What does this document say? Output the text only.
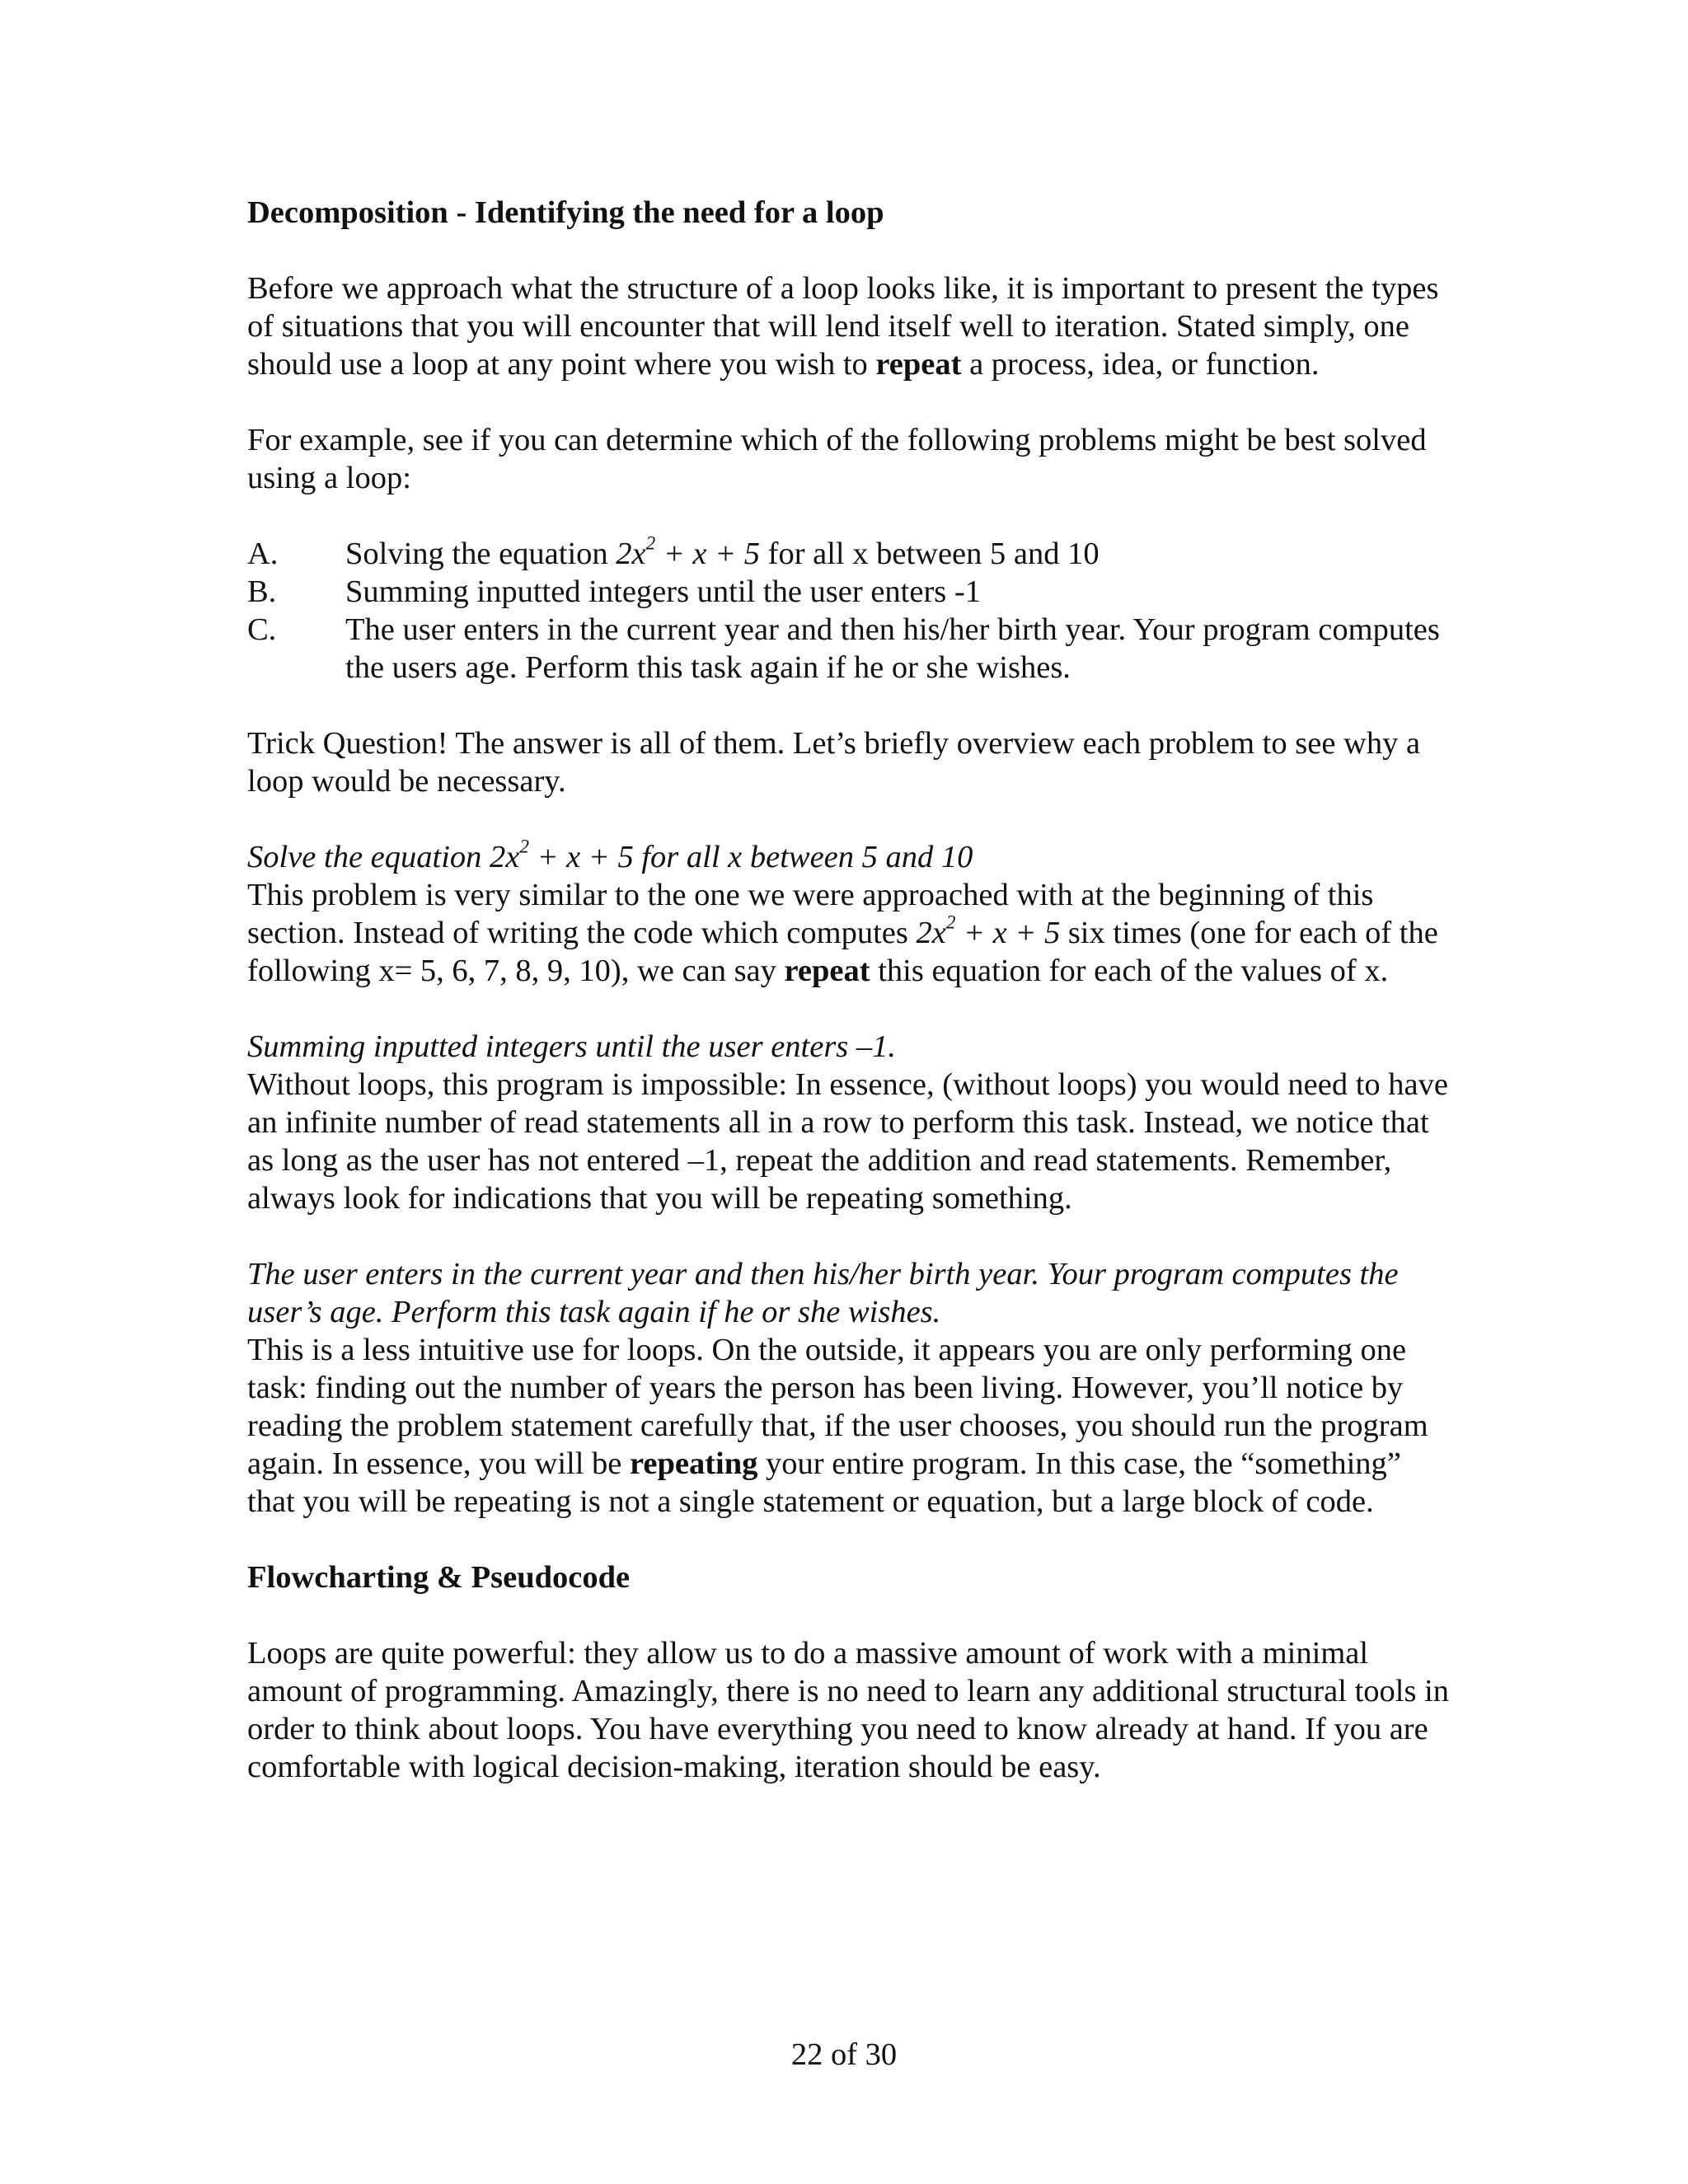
Decomposition - Identifying the need for a loop

Before we approach what the structure of a loop looks like, it is important to present the types of situations that you will encounter that will lend itself well to iteration. Stated simply, one should use a loop at any point where you wish to repeat a process, idea, or function.

For example, see if you can determine which of the following problems might be best solved using a loop:

A. Solving the equation $2x^2 + x + 5$ for all x between 5 and 10
B. Summing inputted integers until the user enters -1
C. The user enters in the current year and then his/her birth year. Your program computes the users age. Perform this task again if he or she wishes.

Trick Question! The answer is all of them. Let’s briefly overview each problem to see why a loop would be necessary.

Solve the equation $2x^2 + x + 5$ for all x between 5 and 10

This problem is very similar to the one we were approached with at the beginning of this section. Instead of writing the code which computes $2x^2 + x + 5$ six times (one for each of the following x= 5, 6, 7, 8, 9, 10), we can say repeat this equation for each of the values of x.

Summing inputted integers until the user enters –1.

Without loops, this program is impossible: In essence, (without loops) you would need to have an infinite number of read statements all in a row to perform this task. Instead, we notice that as long as the user has not entered –1, repeat the addition and read statements. Remember, always look for indications that you will be repeating something.

The user enters in the current year and then his/her birth year. Your program computes the user’s age. Perform this task again if he or she wishes.

This is a less intuitive use for loops. On the outside, it appears you are only performing one task: finding out the number of years the person has been living. However, you’ll notice by reading the problem statement carefully that, if the user chooses, you should run the program again. In essence, you will be repeating your entire program. In this case, the “something” that you will be repeating is not a single statement or equation, but a large block of code.

Flowcharting & Pseudocode

Loops are quite powerful: they allow us to do a massive amount of work with a minimal amount of programming. Amazingly, there is no need to learn any additional structural tools in order to think about loops. You have everything you need to know already at hand. If you are comfortable with logical decision-making, iteration should be easy.

22 of 30
